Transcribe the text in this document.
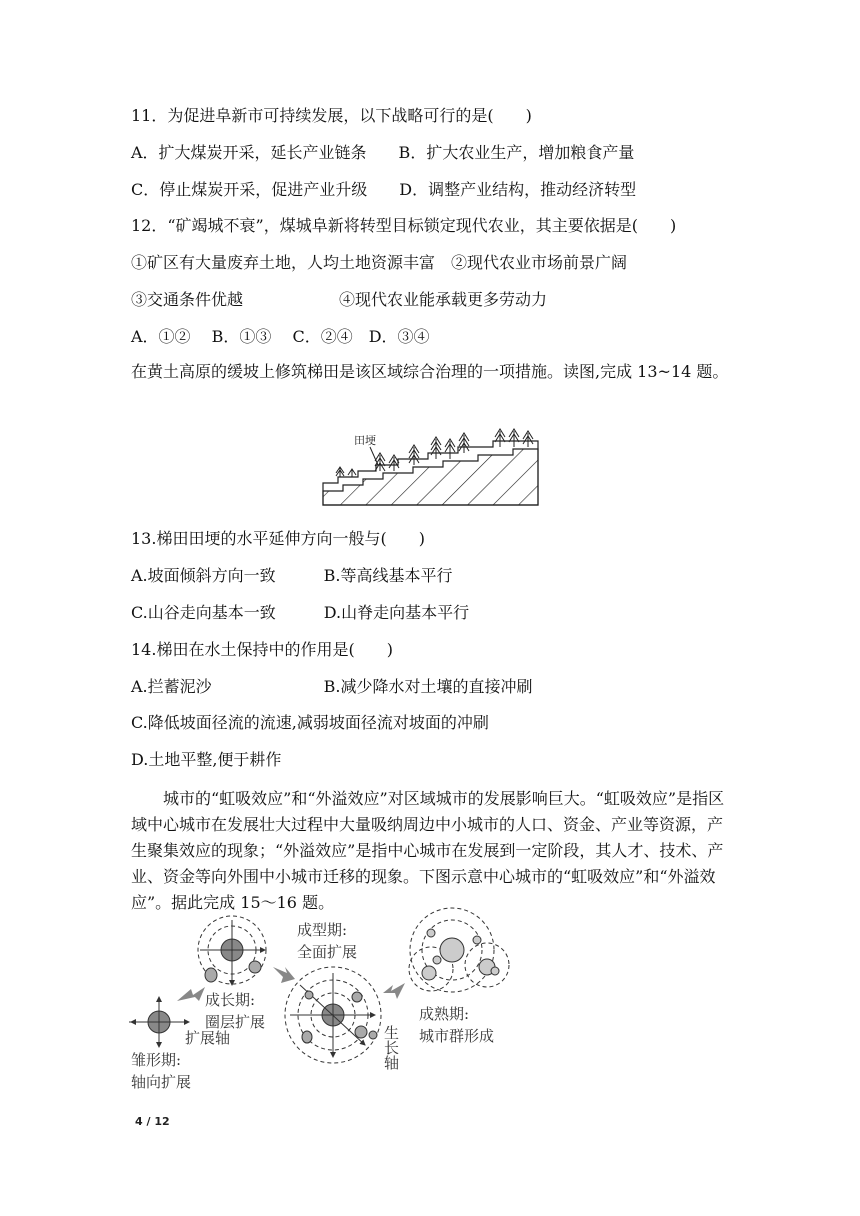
11．为促进阜新市可持续发展，以下战略可行的是(　　)
A．扩大煤炭开采，延长产业链条　　B．扩大农业生产，增加粮食产量
C．停止煤炭开采，促进产业升级　　D．调整产业结构，推动经济转型
12．“矿竭城不衰”，煤城阜新将转型目标锁定现代农业，其主要依据是(　　)
①矿区有大量废弃土地，人均土地资源丰富　②现代农业市场前景广阔
③交通条件优越　　　　　　④现代农业能承载更多劳动力
A．①②　 B．①③　 C．②④　D．③④
在黄土高原的缓坡上修筑梯田是该区域综合治理的一项措施。读图,完成 13~14 题。
田埂
13.梯田田埂的水平延伸方向一般与(　　)
A.坡面倾斜方向一致　　　B.等高线基本平行
C.山谷走向基本一致　　　D.山脊走向基本平行
14.梯田在水土保持中的作用是(　　)
A.拦蓄泥沙　　　　　　　B.减少降水对土壤的直接冲刷
C.降低坡面径流的流速,减弱坡面径流对坡面的冲刷
D.土地平整,便于耕作
　　城市的“虹吸效应”和“外溢效应”对区域城市的发展影响巨大。“虹吸效应”是指区域中心城市在发展壮大过程中大量吸纳周边中小城市的人口、资金、产业等资源，产生聚集效应的现象；“外溢效应”是指中心城市在发展到一定阶段，其人才、技术、产业、资金等向外围中小城市迁移的现象。下图示意中心城市的“虹吸效应”和“外溢效应”。据此完成 15～16 题。
雏形期:
轴向扩展
扩展轴
成长期:
圈层扩展
成型期:
全面扩展
生长轴
成熟期:
城市群形成
4 / 12
